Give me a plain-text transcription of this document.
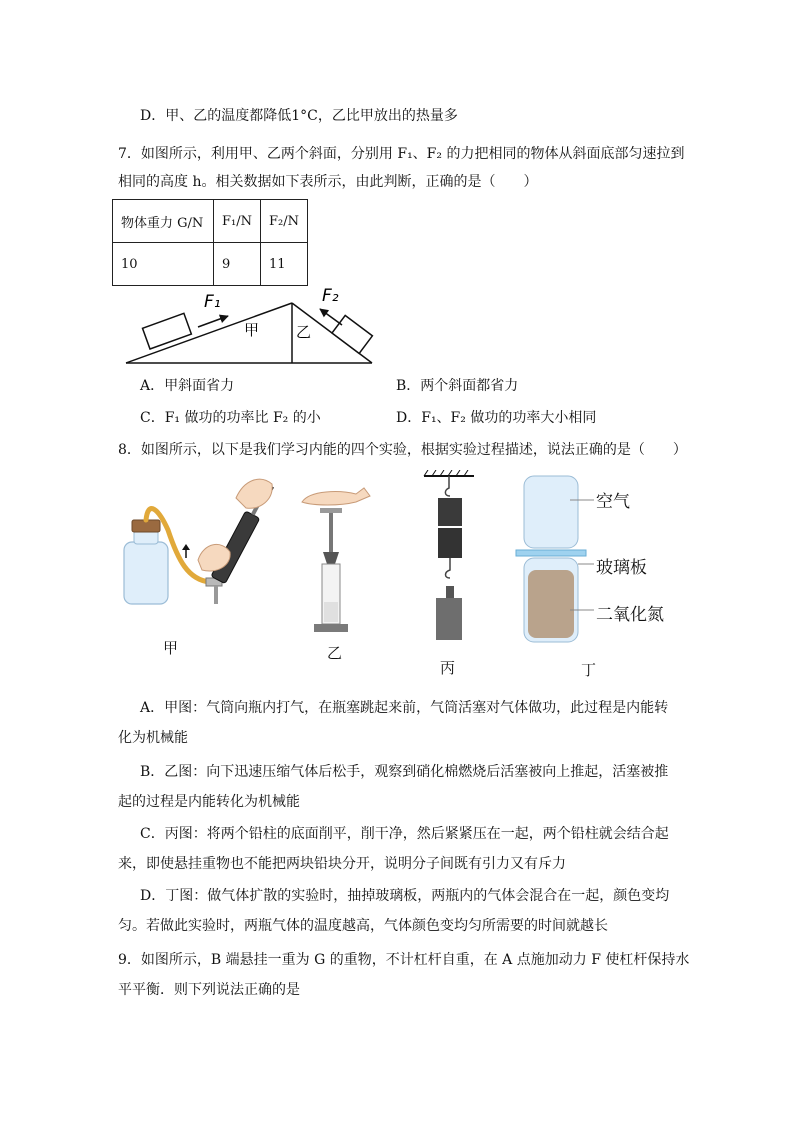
D．甲、乙的温度都降低1°C，乙比甲放出的热量多
7．如图所示，利用甲、乙两个斜面，分别用 F₁、F₂ 的力把相同的物体从斜面底部匀速拉到
相同的高度 h。相关数据如下表所示，由此判断，正确的是（　　）
物体重力 G/N	F₁/N	F₂/N
10	9	11
F₁	F₂
甲 乙
A．甲斜面省力	B．两个斜面都省力
C．F₁ 做功的功率比 F₂ 的小	D．F₁、F₂ 做功的功率大小相同
8．如图所示，以下是我们学习内能的四个实验，根据实验过程描述，说法正确的是（　　）
甲	乙
丙	丁
空气
玻璃板
二氧化氮
A．甲图：气筒向瓶内打气，在瓶塞跳起来前，气筒活塞对气体做功，此过程是内能转
化为机械能
B．乙图：向下迅速压缩气体后松手，观察到硝化棉燃烧后活塞被向上推起，活塞被推
起的过程是内能转化为机械能
C．丙图：将两个铅柱的底面削平，削干净，然后紧紧压在一起，两个铅柱就会结合起
来，即使悬挂重物也不能把两块铅块分开，说明分子间既有引力又有斥力
D．丁图：做气体扩散的实验时，抽掉玻璃板，两瓶内的气体会混合在一起，颜色变均
匀。若做此实验时，两瓶气体的温度越高，气体颜色变均匀所需要的时间就越长
9．如图所示，B 端悬挂一重为 G 的重物，不计杠杆自重，在 A 点施加动力 F 使杠杆保持水
平平衡．则下列说法正确的是
